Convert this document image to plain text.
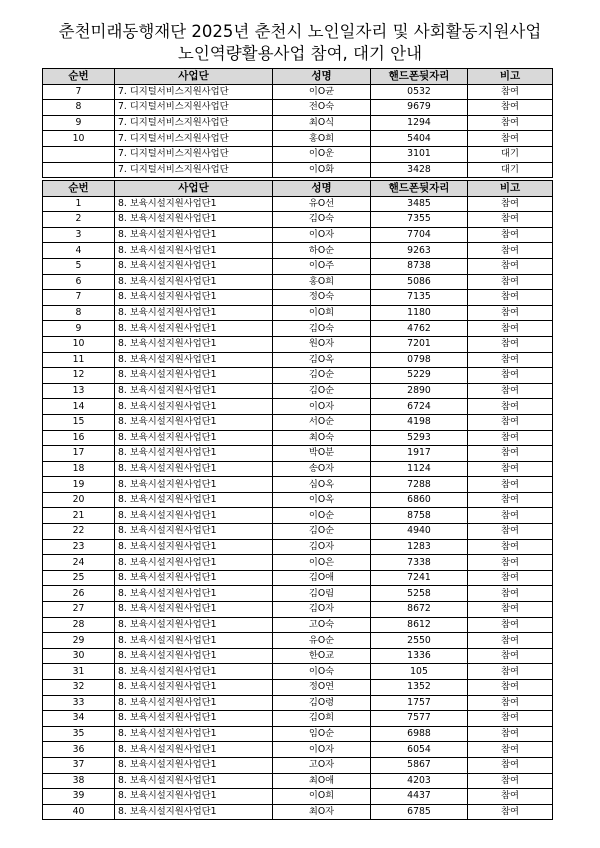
춘천미래동행재단 2025년 춘천시 노인일자리 및 사회활동지원사업
노인역량활용사업 참여, 대기 안내
순번	사업단	성명	핸드폰뒷자리	비고
7	7. 디지털서비스지원사업단	이O균	0532	참여
8	7. 디지털서비스지원사업단	전O숙	9679	참여
9	7. 디지털서비스지원사업단	최O식	1294	참여
10	7. 디지털서비스지원사업단	홍O희	5404	참여
	7. 디지털서비스지원사업단	이O운	3101	대기
	7. 디지털서비스지원사업단	이O화	3428	대기
순번	사업단	성명	핸드폰뒷자리	비고
1	8. 보육시설지원사업단1	유O선	3485	참여
2	8. 보육시설지원사업단1	김O숙	7355	참여
3	8. 보육시설지원사업단1	이O자	7704	참여
4	8. 보육시설지원사업단1	하O순	9263	참여
5	8. 보육시설지원사업단1	이O주	8738	참여
6	8. 보육시설지원사업단1	홍O희	5086	참여
7	8. 보육시설지원사업단1	정O숙	7135	참여
8	8. 보육시설지원사업단1	이O희	1180	참여
9	8. 보육시설지원사업단1	김O숙	4762	참여
10	8. 보육시설지원사업단1	원O자	7201	참여
11	8. 보육시설지원사업단1	김O옥	0798	참여
12	8. 보육시설지원사업단1	김O순	5229	참여
13	8. 보육시설지원사업단1	김O순	2890	참여
14	8. 보육시설지원사업단1	이O자	6724	참여
15	8. 보육시설지원사업단1	서O순	4198	참여
16	8. 보육시설지원사업단1	최O숙	5293	참여
17	8. 보육시설지원사업단1	박O분	1917	참여
18	8. 보육시설지원사업단1	송O자	1124	참여
19	8. 보육시설지원사업단1	심O옥	7288	참여
20	8. 보육시설지원사업단1	이O옥	6860	참여
21	8. 보육시설지원사업단1	이O순	8758	참여
22	8. 보육시설지원사업단1	김O순	4940	참여
23	8. 보육시설지원사업단1	김O자	1283	참여
24	8. 보육시설지원사업단1	이O은	7338	참여
25	8. 보육시설지원사업단1	김O애	7241	참여
26	8. 보육시설지원사업단1	김O림	5258	참여
27	8. 보육시설지원사업단1	김O자	8672	참여
28	8. 보육시설지원사업단1	고O숙	8612	참여
29	8. 보육시설지원사업단1	유O순	2550	참여
30	8. 보육시설지원사업단1	한O교	1336	참여
31	8. 보육시설지원사업단1	이O숙	105	참여
32	8. 보육시설지원사업단1	정O연	1352	참여
33	8. 보육시설지원사업단1	김O령	1757	참여
34	8. 보육시설지원사업단1	김O희	7577	참여
35	8. 보육시설지원사업단1	임O순	6988	참여
36	8. 보육시설지원사업단1	이O자	6054	참여
37	8. 보육시설지원사업단1	고O자	5867	참여
38	8. 보육시설지원사업단1	최O애	4203	참여
39	8. 보육시설지원사업단1	이O희	4437	참여
40	8. 보육시설지원사업단1	최O자	6785	참여
